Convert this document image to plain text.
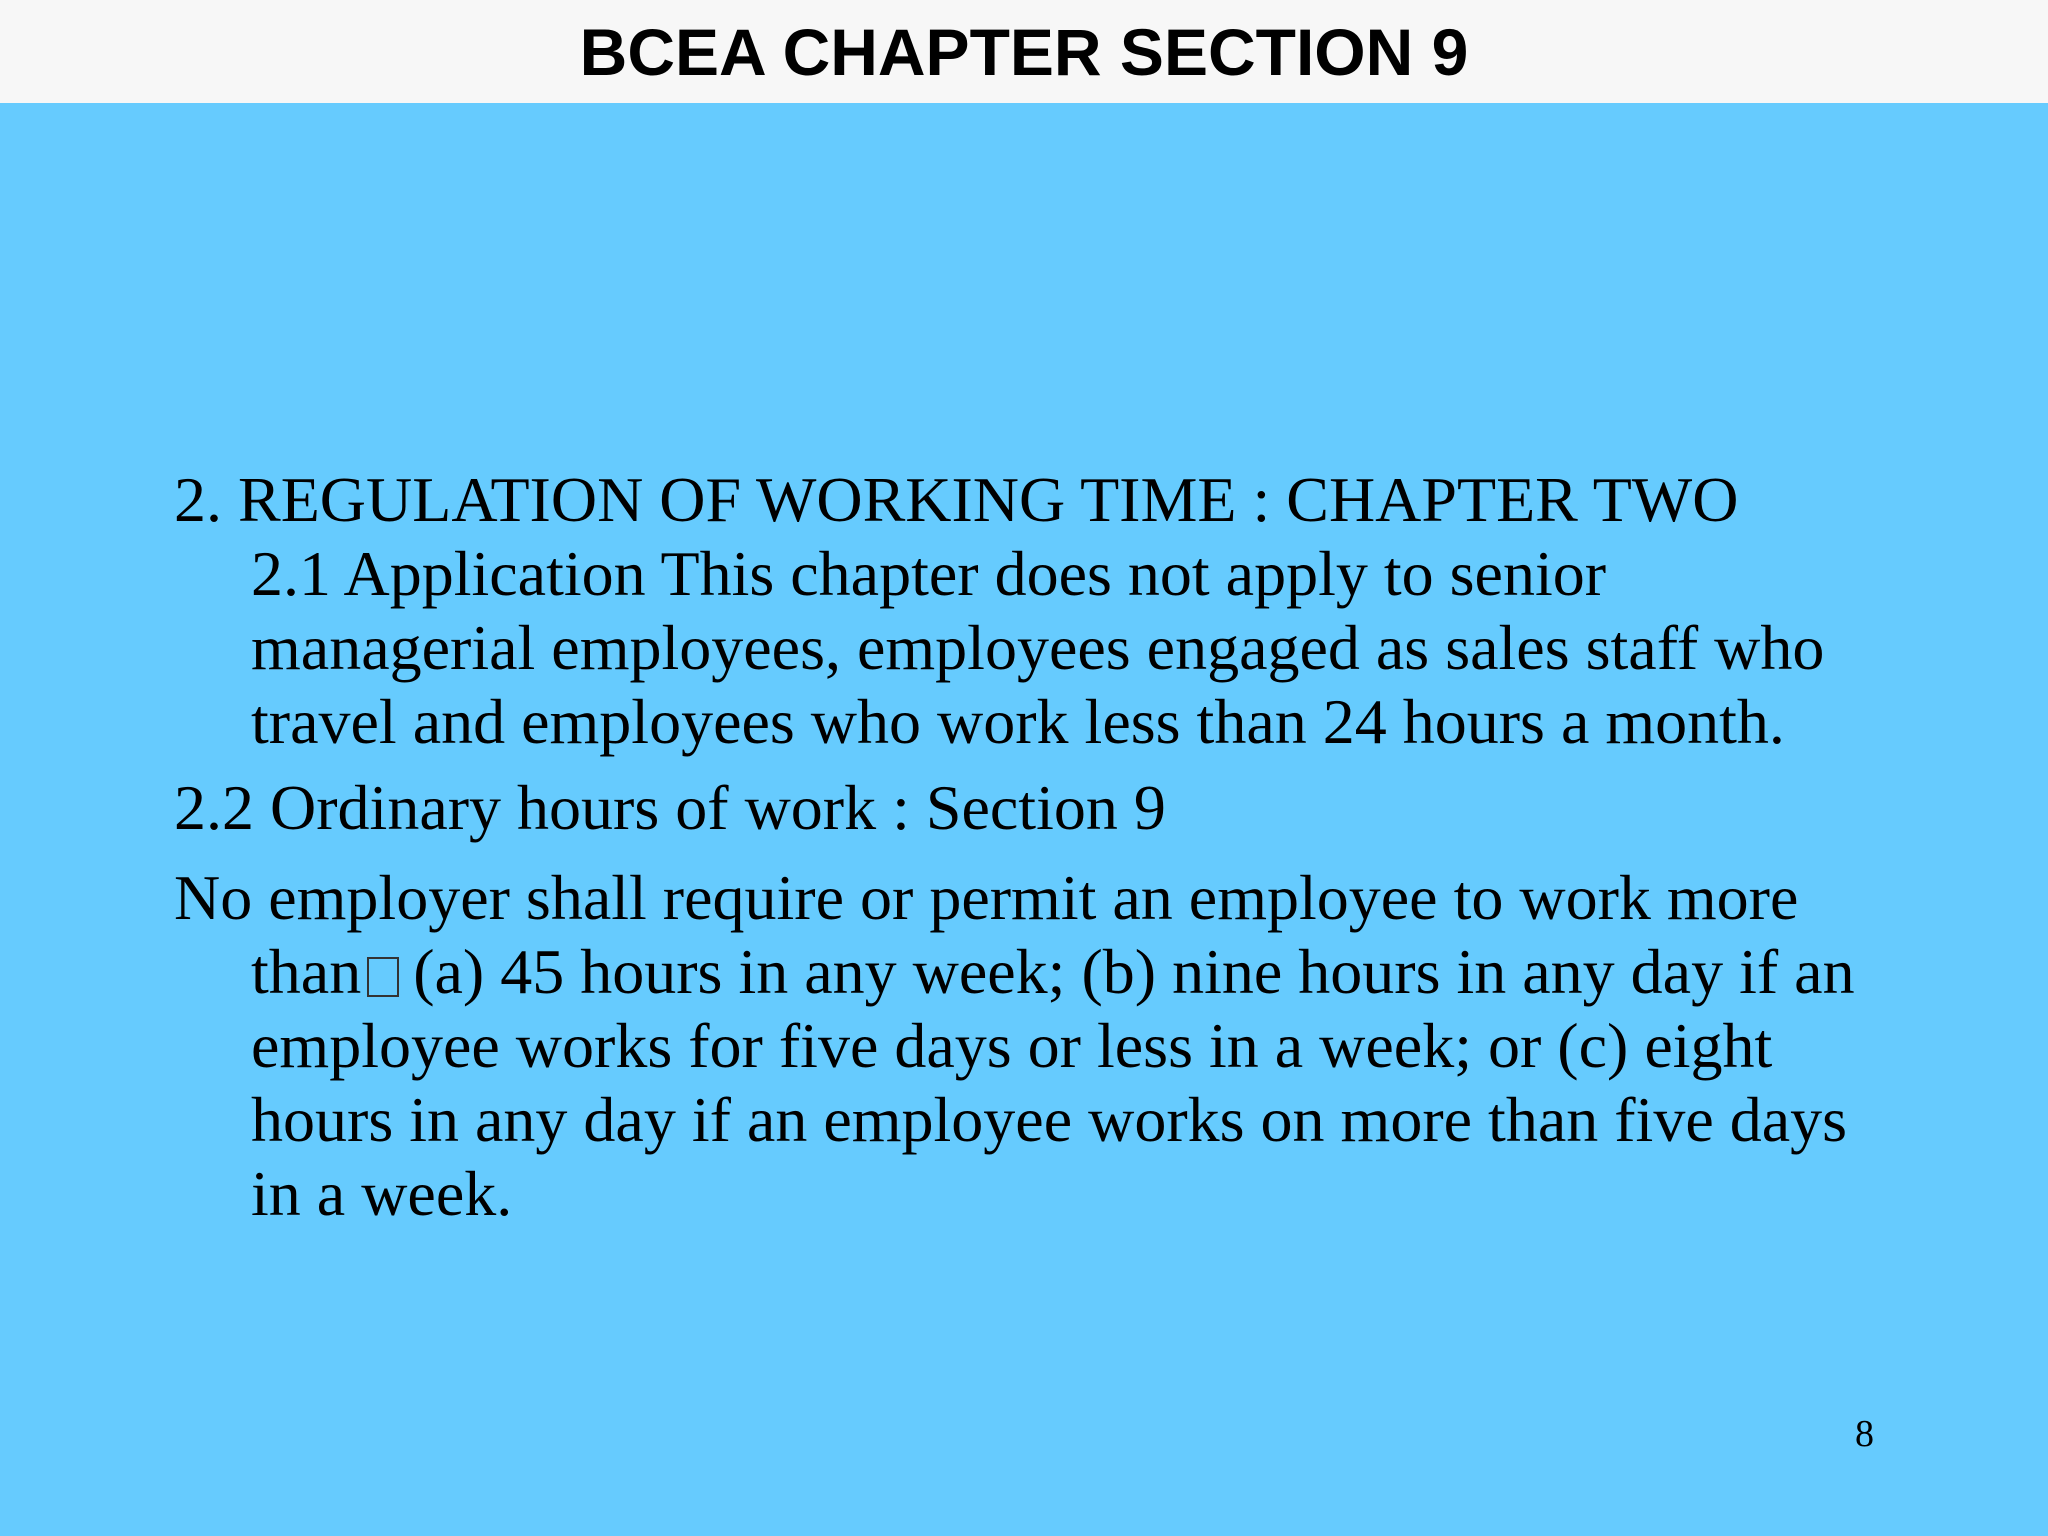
BCEA CHAPTER SECTION 9

2. REGULATION OF WORKING TIME : CHAPTER TWO
2.1 Application This chapter does not apply to senior managerial employees, employees engaged as sales staff who travel and employees who work less than 24 hours a month.

2.2 Ordinary hours of work : Section 9

No employer shall require or permit an employee to work more than (a) 45 hours in any week; (b) nine hours in any day if an employee works for five days or less in a week; or (c) eight hours in any day if an employee works on more than five days in a week.

8
